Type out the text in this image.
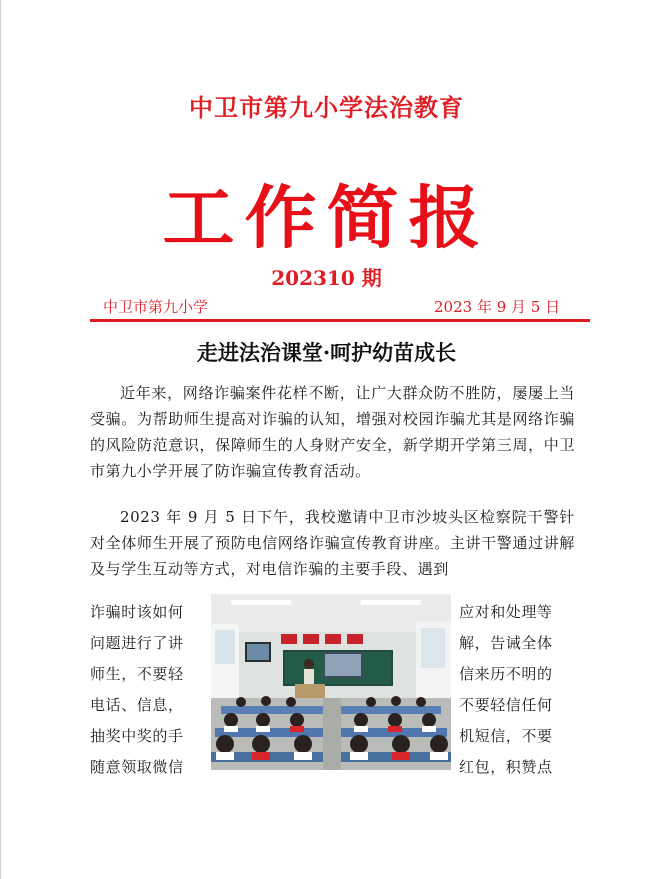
中卫市第九小学法治教育
工作简报
202310 期
中卫市第九小学	2023 年 9 月 5 日
走进法治课堂·呵护幼苗成长
近年来，网络诈骗案件花样不断，让广大群众防不胜防，屡屡上当受骗。为帮助师生提高对诈骗的认知，增强对校园诈骗尤其是网络诈骗的风险防范意识，保障师生的人身财产安全，新学期开学第三周，中卫市第九小学开展了防诈骗宣传教育活动。
2023 年 9 月 5 日下午，我校邀请中卫市沙坡头区检察院干警针对全体师生开展了预防电信网络诈骗宣传教育讲座。主讲干警通过讲解及与学生互动等方式，对电信诈骗的主要手段、遇到
诈骗时该如何
问题进行了讲
师生，不要轻
电话、信息，
抽奖中奖的手
随意领取微信
应对和处理等
解，告诫全体
信来历不明的
不要轻信任何
机短信，不要
红包，积赞点
